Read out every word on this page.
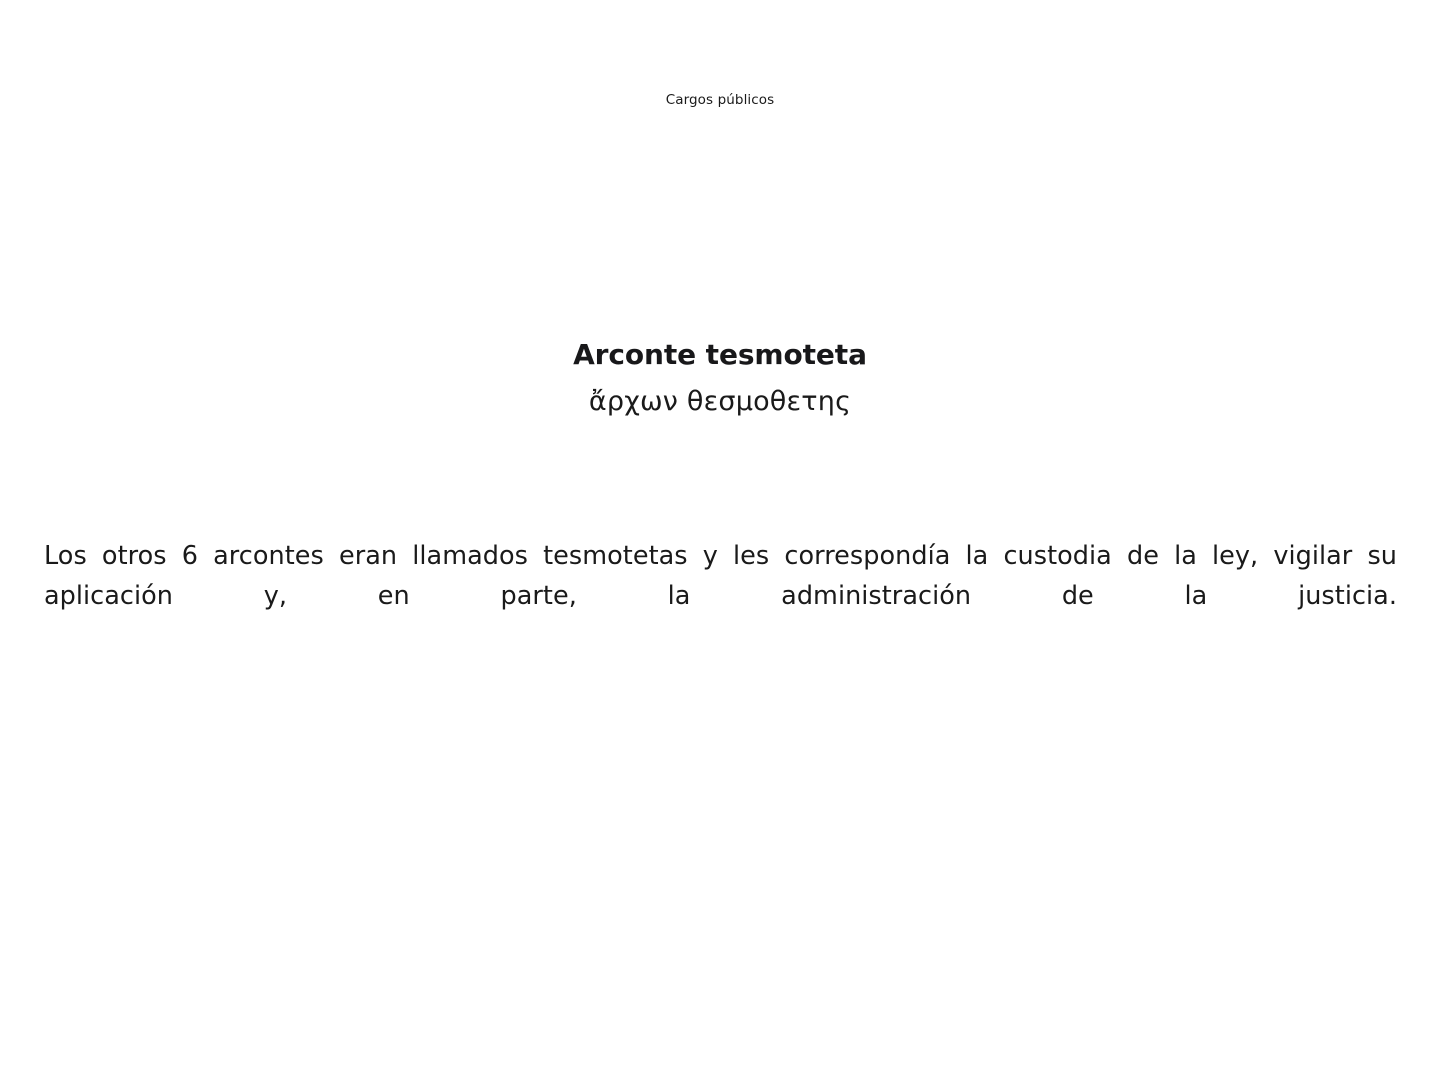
Cargos públicos
Arconte tesmoteta

ἄρχων θεσμοθετης

Los otros 6 arcontes eran llamados tesmotetas y les correspondía la custodia de la ley, vigilar su aplicación y, en parte, la administración de la justicia.
